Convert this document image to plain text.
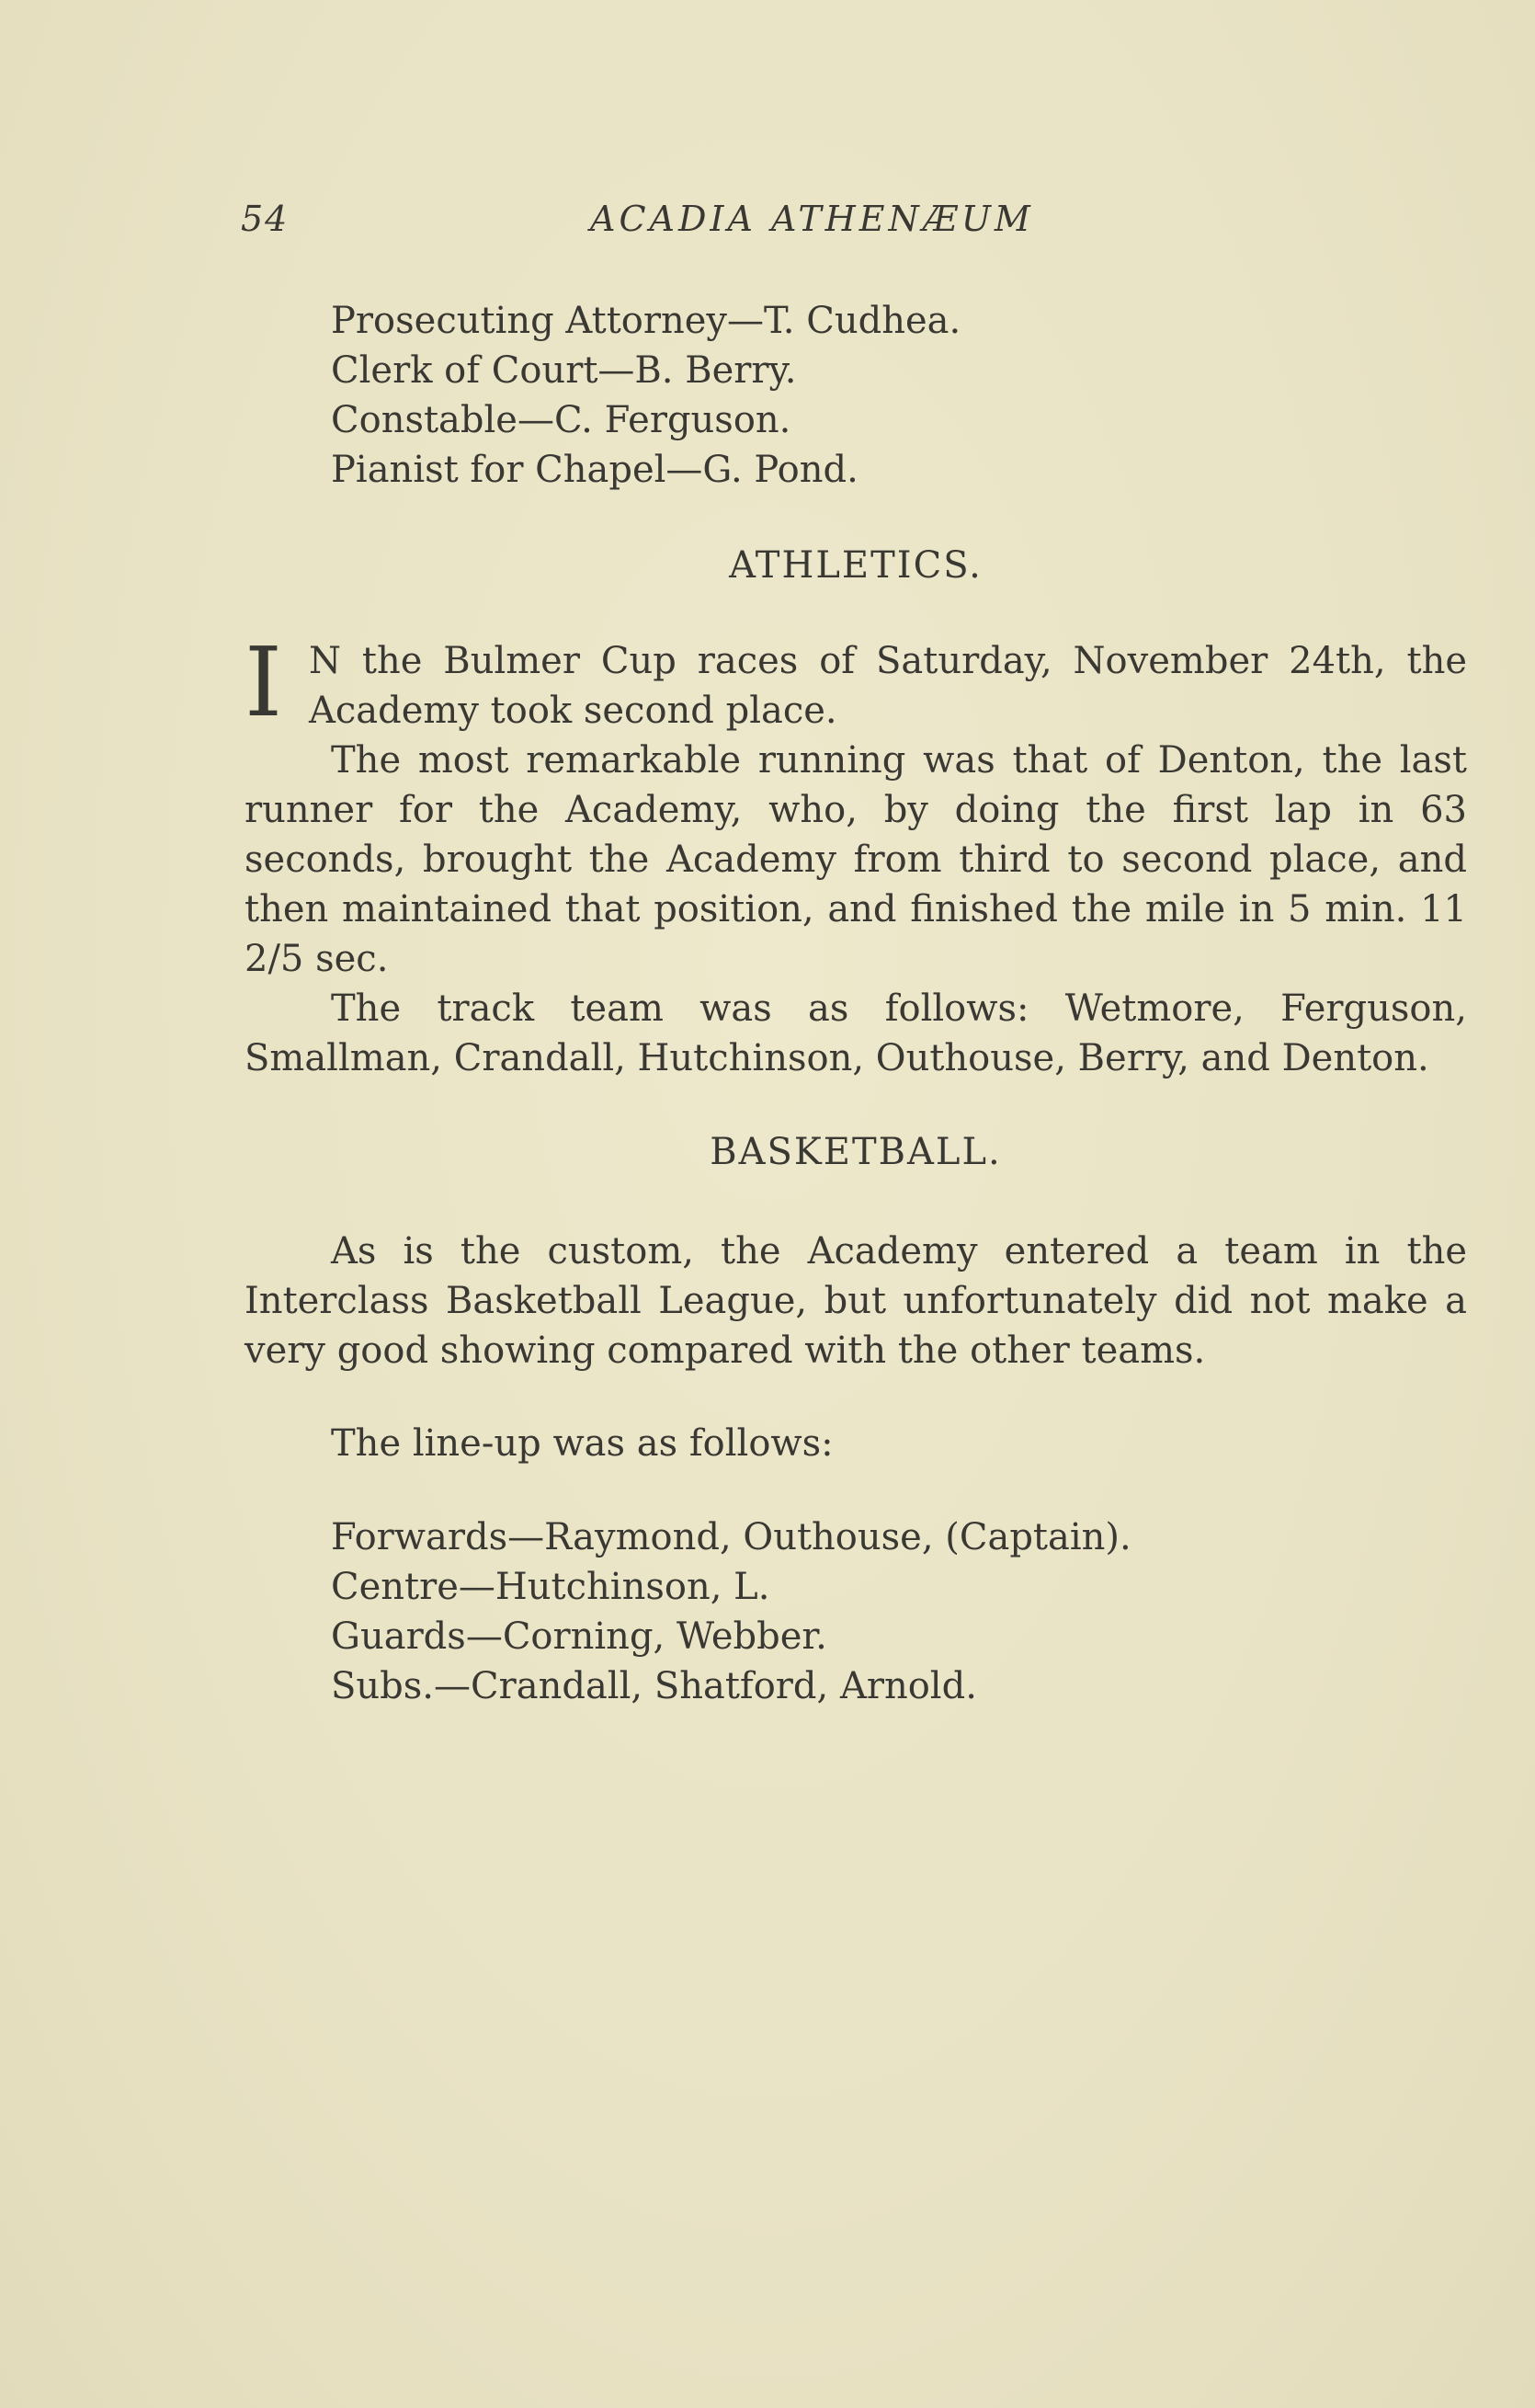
54	ACADIA ATHENÆUM
Prosecuting Attorney—T. Cudhea.
Clerk of Court—B. Berry.
Constable—C. Ferguson.
Pianist for Chapel—G. Pond.
ATHLETICS.

I N the Bulmer Cup races of Saturday, November 24th, the Academy took second place.

The most remarkable running was that of Denton, the last runner for the Academy, who, by doing the first lap in 63 seconds, brought the Academy from third to second place, and then maintained that position, and finished the mile in 5 min. 11 2/5 sec.

The track team was as follows: Wetmore, Ferguson, Smallman, Crandall, Hutchinson, Outhouse, Berry, and Denton.

BASKETBALL.

As is the custom, the Academy entered a team in the Interclass Basketball League, but unfortunately did not make a very good showing compared with the other teams.

The line-up was as follows:
Forwards—Raymond, Outhouse, (Captain).
Centre—Hutchinson, L.
Guards—Corning, Webber.
Subs.—Crandall, Shatford, Arnold.
